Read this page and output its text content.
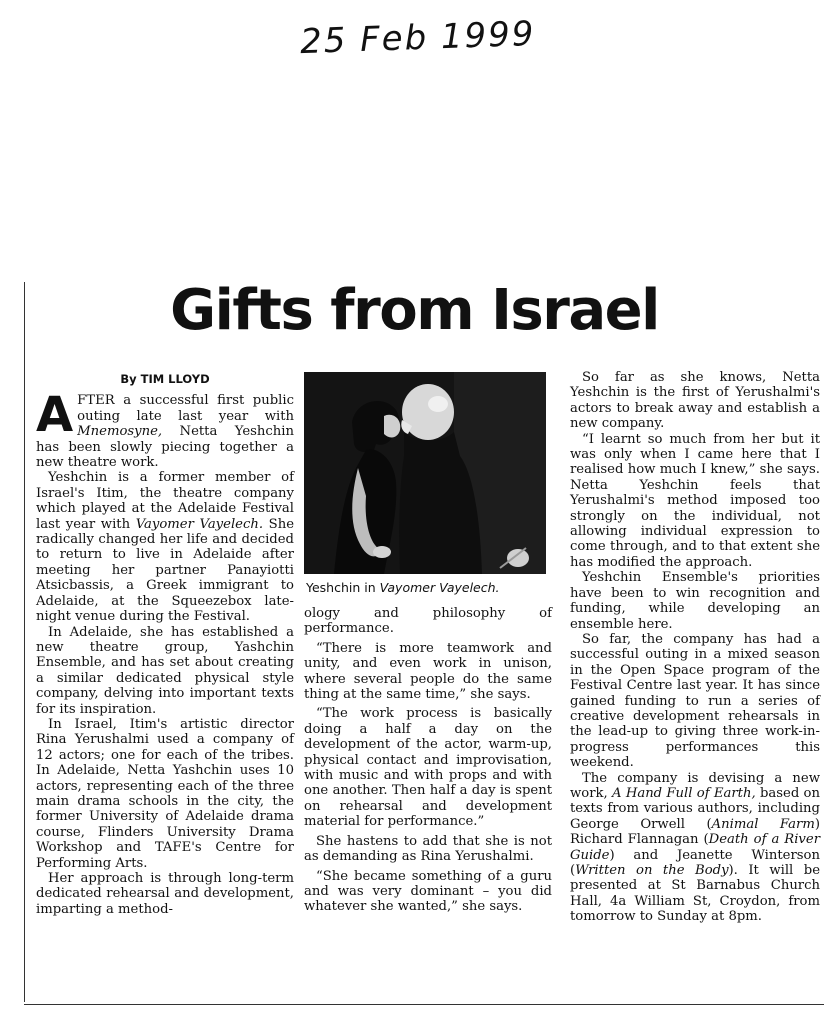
25 Feb 1999
Gifts from Israel

By TIM LLOYD

AFTER a successful first public outing late last year with Mnemosyne, Netta Yeshchin has been slowly piecing together a new theatre work.

Yeshchin is a former member of Israel's Itim, the theatre company which played at the Adelaide Festival last year with Vayomer Vayelech. She radically changed her life and decided to return to live in Adelaide after meeting her partner Panayiotti Atsicbassis, a Greek immigrant to Adelaide, at the Squeezebox late-night venue during the Festival.

In Adelaide, she has established a new theatre group, Yashchin Ensemble, and has set about creating a similar dedicated physical style company, delving into important texts for its inspiration.

In Israel, Itim's artistic director Rina Yerushalmi used a company of 12 actors; one for each of the tribes. In Adelaide, Netta Yashchin uses 10 actors, representing each of the three main drama schools in the city, the former University of Adelaide drama course, Flinders University Drama Workshop and TAFE's Centre for Performing Arts.

Her approach is through long-term dedicated rehearsal and development, imparting a method-

Yeshchin in Vayomer Vayelech.

ology and philosophy of performance.

“There is more teamwork and unity, and even work in unison, where several people do the same thing at the same time,” she says.

“The work process is basically doing a half a day on the development of the actor, warm-up, physical contact and improvisation, with music and with props and with one another. Then half a day is spent on rehearsal and development material for performance.”

She hastens to add that she is not as demanding as Rina Yerushalmi.

“She became something of a guru and was very dominant – you did whatever she wanted,” she says.

So far as she knows, Netta Yeshchin is the first of Yerushalmi's actors to break away and establish a new company.

“I learnt so much from her but it was only when I came here that I realised how much I knew,” she says. Netta Yeshchin feels that Yerushalmi's method imposed too strongly on the individual, not allowing individual expression to come through, and to that extent she has modified the approach.

Yeshchin Ensemble's priorities have been to win recognition and funding, while developing an ensemble here.

So far, the company has had a successful outing in a mixed season in the Open Space program of the Festival Centre last year. It has since gained funding to run a series of creative development rehearsals in the lead-up to giving three work-in-progress performances this weekend.

The company is devising a new work, A Hand Full of Earth, based on texts from various authors, including George Orwell (Animal Farm) Richard Flannagan (Death of a River Guide) and Jeanette Winterson (Written on the Body). It will be presented at St Barnabus Church Hall, 4a William St, Croydon, from tomorrow to Sunday at 8pm.
